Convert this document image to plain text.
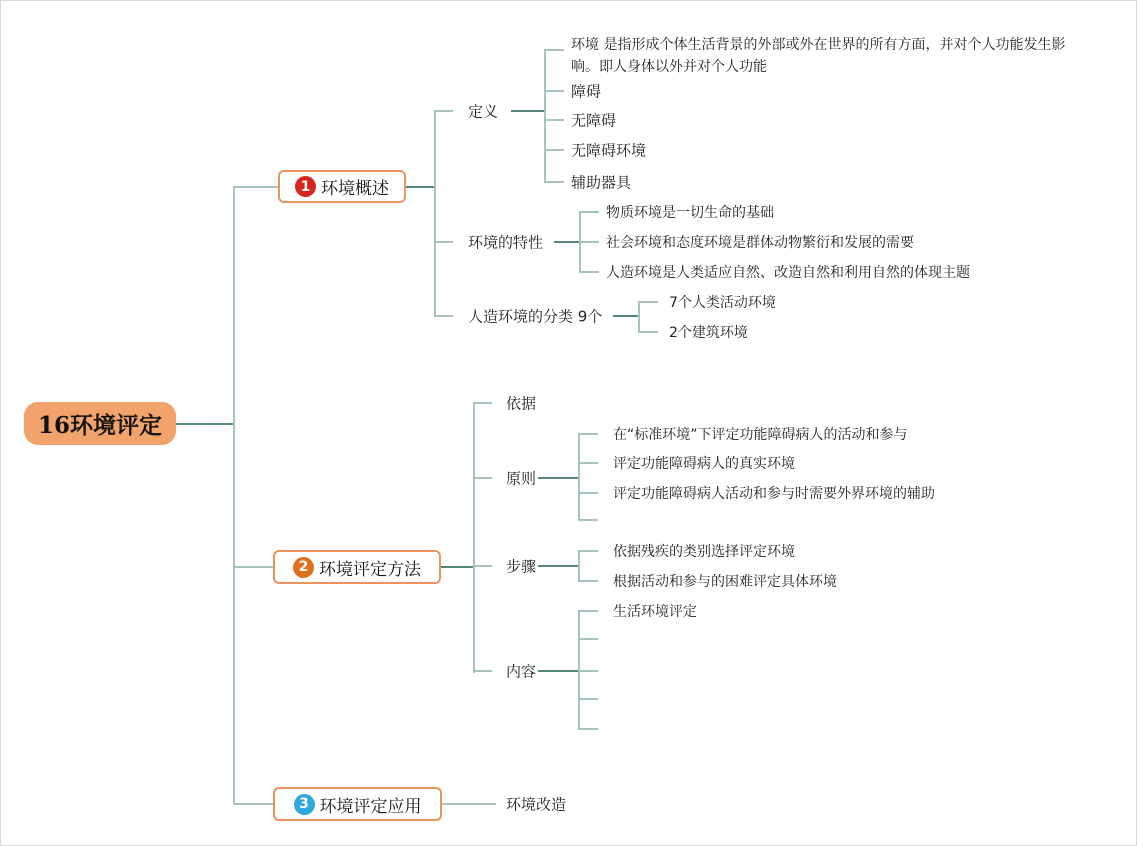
16环境评定
1 环境概述
2 环境评定方法
3 环境评定应用
定义
环境 是指形成个体生活背景的外部或外在世界的所有方面，并对个人功能发生影响。即人身体以外并对个人功能
障碍
无障碍
无障碍环境
辅助器具
环境的特性
物质环境是一切生命的基础
社会环境和态度环境是群体动物繁衍和发展的需要
人造环境是人类适应自然、改造自然和利用自然的体现主题
人造环境的分类 9个
7个人类活动环境
2个建筑环境
依据
原则
在“标准环境”下评定功能障碍病人的活动和参与
评定功能障碍病人的真实环境
评定功能障碍病人活动和参与时需要外界环境的辅助
步骤
依据残疾的类别选择评定环境
根据活动和参与的困难评定具体环境
内容
生活环境评定
环境改造
